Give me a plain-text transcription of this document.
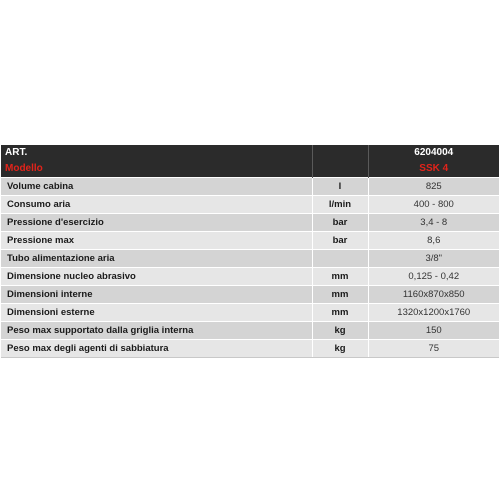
ART.		6204004
Modello		SSK 4
Volume cabina	l	825
Consumo aria	l/min	400 - 800
Pressione d'esercizio	bar	3,4 - 8
Pressione max	bar	8,6
Tubo alimentazione aria		3/8"
Dimensione nucleo abrasivo	mm	0,125 - 0,42
Dimensioni interne	mm	1160x870x850
Dimensioni esterne	mm	1320x1200x1760
Peso max supportato dalla griglia interna	kg	150
Peso max degli agenti di sabbiatura	kg	75
